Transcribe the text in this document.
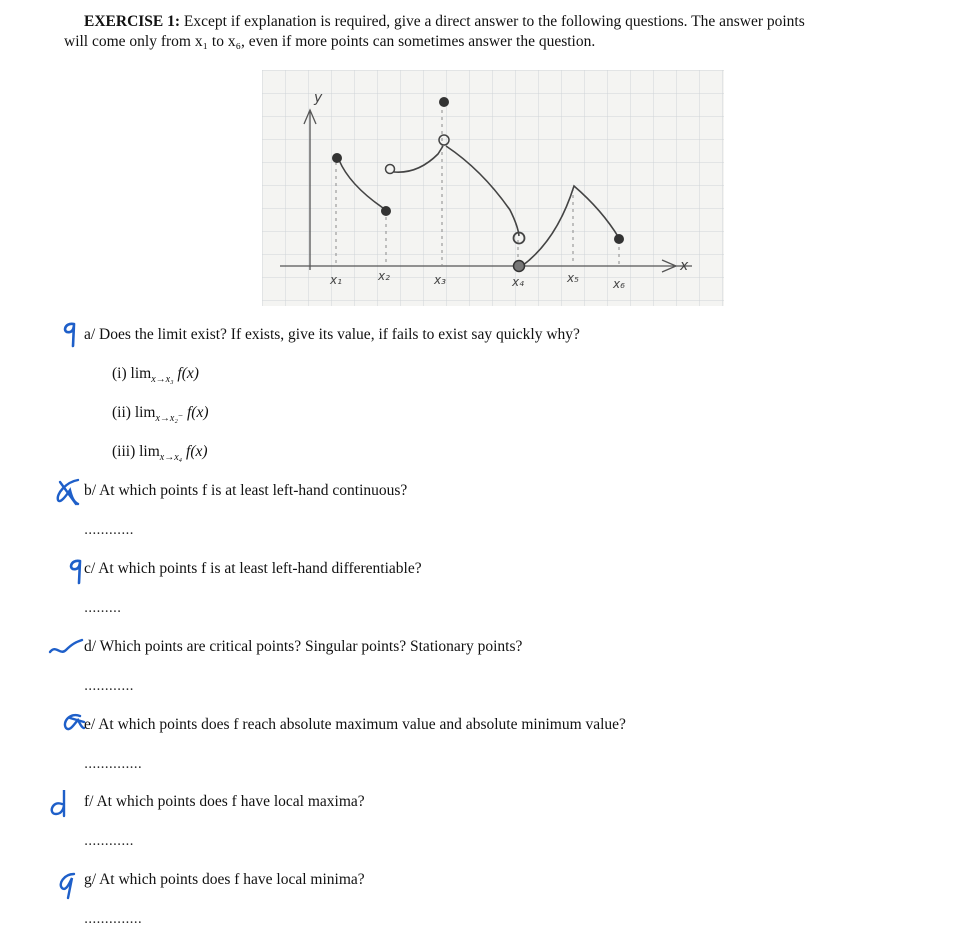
EXERCISE 1: Except if explanation is required, give a direct answer to the following questions. The answer points
will come only from x₁ to x₆, even if more points can sometimes answer the question.
y
x
x₁	x₂	x₃	x₄	x₅	x₆
a/ Does the limit exist? If exists, give its value, if fails to exist say quickly why?
(i) $\lim_{x\to x_3} f(x)$
(ii) $\lim_{x\to x_2^-} f(x)$
(iii) $\lim_{x\to x_4} f(x)$
b/ At which points f is at least left-hand continuous?
............
c/ At which points f is at least left-hand differentiable?
.........
d/ Which points are critical points? Singular points? Stationary points?
............
e/ At which points does f reach absolute maximum value and absolute minimum value?
..............
f/ At which points does f have local maxima?
............
g/ At which points does f have local minima?
..............
